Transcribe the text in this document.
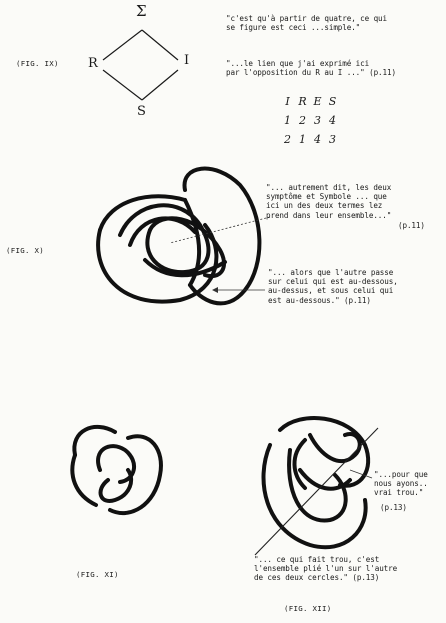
Σ
R	I
S
(FIG. IX)
"c'est qu'à partir de quatre, ce qui
se figure est ceci ...simple."
"...le lien que j'ai exprimé ici
par l'opposition du R au I ..." (p.11)
I R E S
1 2 3 4
2 1 4 3
(FIG. X)
"... autrement dit, les deux
symptôme et Symbole ... que
ici un des deux termes lez
prend dans leur ensemble..."
(p.11)
"... alors que l'autre passe
sur celui qui est au-dessous,
au-dessus, et sous celui qui
est au-dessous." (p.11)
(FIG. XI)
"...pour que
nous ayons..
vrai trou."
(p.13)
"... ce qui fait trou, c'est
l'ensemble plié l'un sur l'autre
de ces deux cercles." (p.13)
(FIG. XII)
